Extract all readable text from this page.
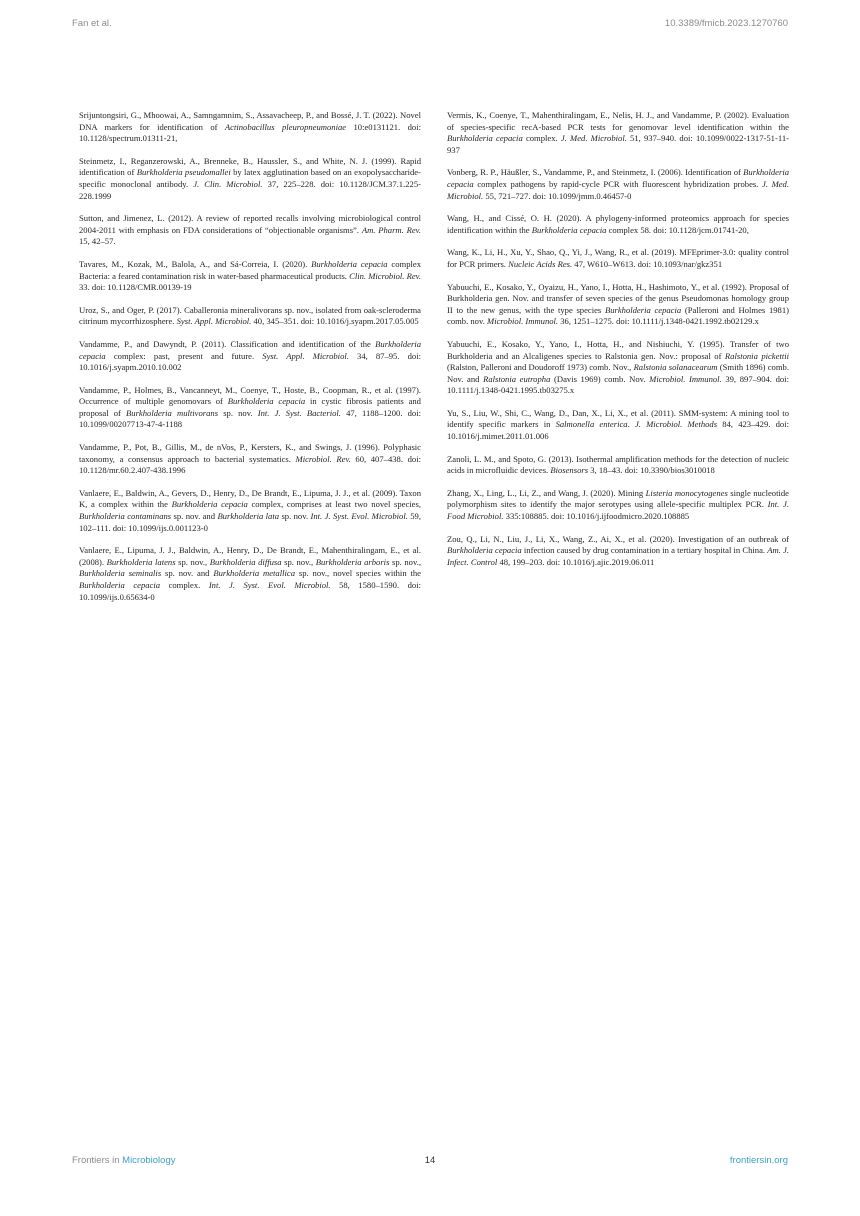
Fan et al.	10.3389/fmicb.2023.1270760

Srijuntongsiri, G., Mhoowai, A., Samngamnim, S., Assavacheep, P., and Bossé, J. T. (2022). Novel DNA markers for identification of Actinobacillus pleuropneumoniae 10:e0131121. doi: 10.1128/spectrum.01311-21,

Steinmetz, I., Reganzerowski, A., Brenneke, B., Haussler, S., and White, N. J. (1999). Rapid identification of Burkholderia pseudomallei by latex agglutination based on an exopolysaccharide-specific monoclonal antibody. J. Clin. Microbiol. 37, 225–228. doi: 10.1128/JCM.37.1.225-228.1999

Sutton, and Jimenez, L. (2012). A review of reported recalls involving microbiological control 2004-2011 with emphasis on FDA considerations of “objectionable organisms”. Am. Pharm. Rev. 15, 42–57.

Tavares, M., Kozak, M., Balola, A., and Sá-Correia, I. (2020). Burkholderia cepacia complex Bacteria: a feared contamination risk in water-based pharmaceutical products. Clin. Microbiol. Rev. 33. doi: 10.1128/CMR.00139-19

Uroz, S., and Oger, P. (2017). Caballeronia mineralivorans sp. nov., isolated from oak-scleroderma citrinum mycorrhizosphere. Syst. Appl. Microbiol. 40, 345–351. doi: 10.1016/j.syapm.2017.05.005

Vandamme, P., and Dawyndt, P. (2011). Classification and identification of the Burkholderia cepacia complex: past, present and future. Syst. Appl. Microbiol. 34, 87–95. doi: 10.1016/j.syapm.2010.10.002

Vandamme, P., Holmes, B., Vancanneyt, M., Coenye, T., Hoste, B., Coopman, R., et al. (1997). Occurrence of multiple genomovars of Burkholderia cepacia in cystic fibrosis patients and proposal of Burkholderia multivorans sp. nov. Int. J. Syst. Bacteriol. 47, 1188–1200. doi: 10.1099/00207713-47-4-1188

Vandamme, P., Pot, B., Gillis, M., de nVos, P., Kersters, K., and Swings, J. (1996). Polyphasic taxonomy, a consensus approach to bacterial systematics. Microbiol. Rev. 60, 407–438. doi: 10.1128/mr.60.2.407-438.1996

Vanlaere, E., Baldwin, A., Gevers, D., Henry, D., De Brandt, E., Lipuma, J. J., et al. (2009). Taxon K, a complex within the Burkholderia cepacia complex, comprises at least two novel species, Burkholderia contaminans sp. nov. and Burkholderia lata sp. nov. Int. J. Syst. Evol. Microbiol. 59, 102–111. doi: 10.1099/ijs.0.001123-0

Vanlaere, E., Lipuma, J. J., Baldwin, A., Henry, D., De Brandt, E., Mahenthiralingam, E., et al. (2008). Burkholderia latens sp. nov., Burkholderia diffusa sp. nov., Burkholderia arboris sp. nov., Burkholderia seminalis sp. nov. and Burkholderia metallica sp. nov., novel species within the Burkholderia cepacia complex. Int. J. Syst. Evol. Microbiol. 58, 1580–1590. doi: 10.1099/ijs.0.65634-0

Vermis, K., Coenye, T., Mahenthiralingam, E., Nelis, H. J., and Vandamme, P. (2002). Evaluation of species-specific recA-based PCR tests for genomovar level identification within the Burkholderia cepacia complex. J. Med. Microbiol. 51, 937–940. doi: 10.1099/0022-1317-51-11-937

Vonberg, R. P., Häußler, S., Vandamme, P., and Steinmetz, I. (2006). Identification of Burkholderia cepacia complex pathogens by rapid-cycle PCR with fluorescent hybridization probes. J. Med. Microbiol. 55, 721–727. doi: 10.1099/jmm.0.46457-0

Wang, H., and Cissé, O. H. (2020). A phylogeny-informed proteomics approach for species identification within the Burkholderia cepacia complex 58. doi: 10.1128/jcm.01741-20,

Wang, K., Li, H., Xu, Y., Shao, Q., Yi, J., Wang, R., et al. (2019). MFEprimer-3.0: quality control for PCR primers. Nucleic Acids Res. 47, W610–W613. doi: 10.1093/nar/gkz351

Yabuuchi, E., Kosako, Y., Oyaizu, H., Yano, I., Hotta, H., Hashimoto, Y., et al. (1992). Proposal of Burkholderia gen. Nov. and transfer of seven species of the genus Pseudomonas homology group II to the new genus, with the type species Burkholderia cepacia (Palleroni and Holmes 1981) comb. nov. Microbiol. Immunol. 36, 1251–1275. doi: 10.1111/j.1348-0421.1992.tb02129.x

Yabuuchi, E., Kosako, Y., Yano, I., Hotta, H., and Nishiuchi, Y. (1995). Transfer of two Burkholderia and an Alcaligenes species to Ralstonia gen. Nov.: proposal of Ralstonia pickettii (Ralston, Palleroni and Doudoroff 1973) comb. Nov., Ralstonia solanacearum (Smith 1896) comb. Nov. and Ralstonia eutropha (Davis 1969) comb. Nov. Microbiol. Immunol. 39, 897–904. doi: 10.1111/j.1348-0421.1995.tb03275.x

Yu, S., Liu, W., Shi, C., Wang, D., Dan, X., Li, X., et al. (2011). SMM-system: A mining tool to identify specific markers in Salmonella enterica. J. Microbiol. Methods 84, 423–429. doi: 10.1016/j.mimet.2011.01.006

Zanoli, L. M., and Spoto, G. (2013). Isothermal amplification methods for the detection of nucleic acids in microfluidic devices. Biosensors 3, 18–43. doi: 10.3390/bios3010018

Zhang, X., Ling, L., Li, Z., and Wang, J. (2020). Mining Listeria monocytogenes single nucleotide polymorphism sites to identify the major serotypes using allele-specific multiplex PCR. Int. J. Food Microbiol. 335:108885. doi: 10.1016/j.ijfoodmicro.2020.108885

Zou, Q., Li, N., Liu, J., Li, X., Wang, Z., Ai, X., et al. (2020). Investigation of an outbreak of Burkholderia cepacia infection caused by drug contamination in a tertiary hospital in China. Am. J. Infect. Control 48, 199–203. doi: 10.1016/j.ajic.2019.06.011

Frontiers in Microbiology	14	frontiersin.org
